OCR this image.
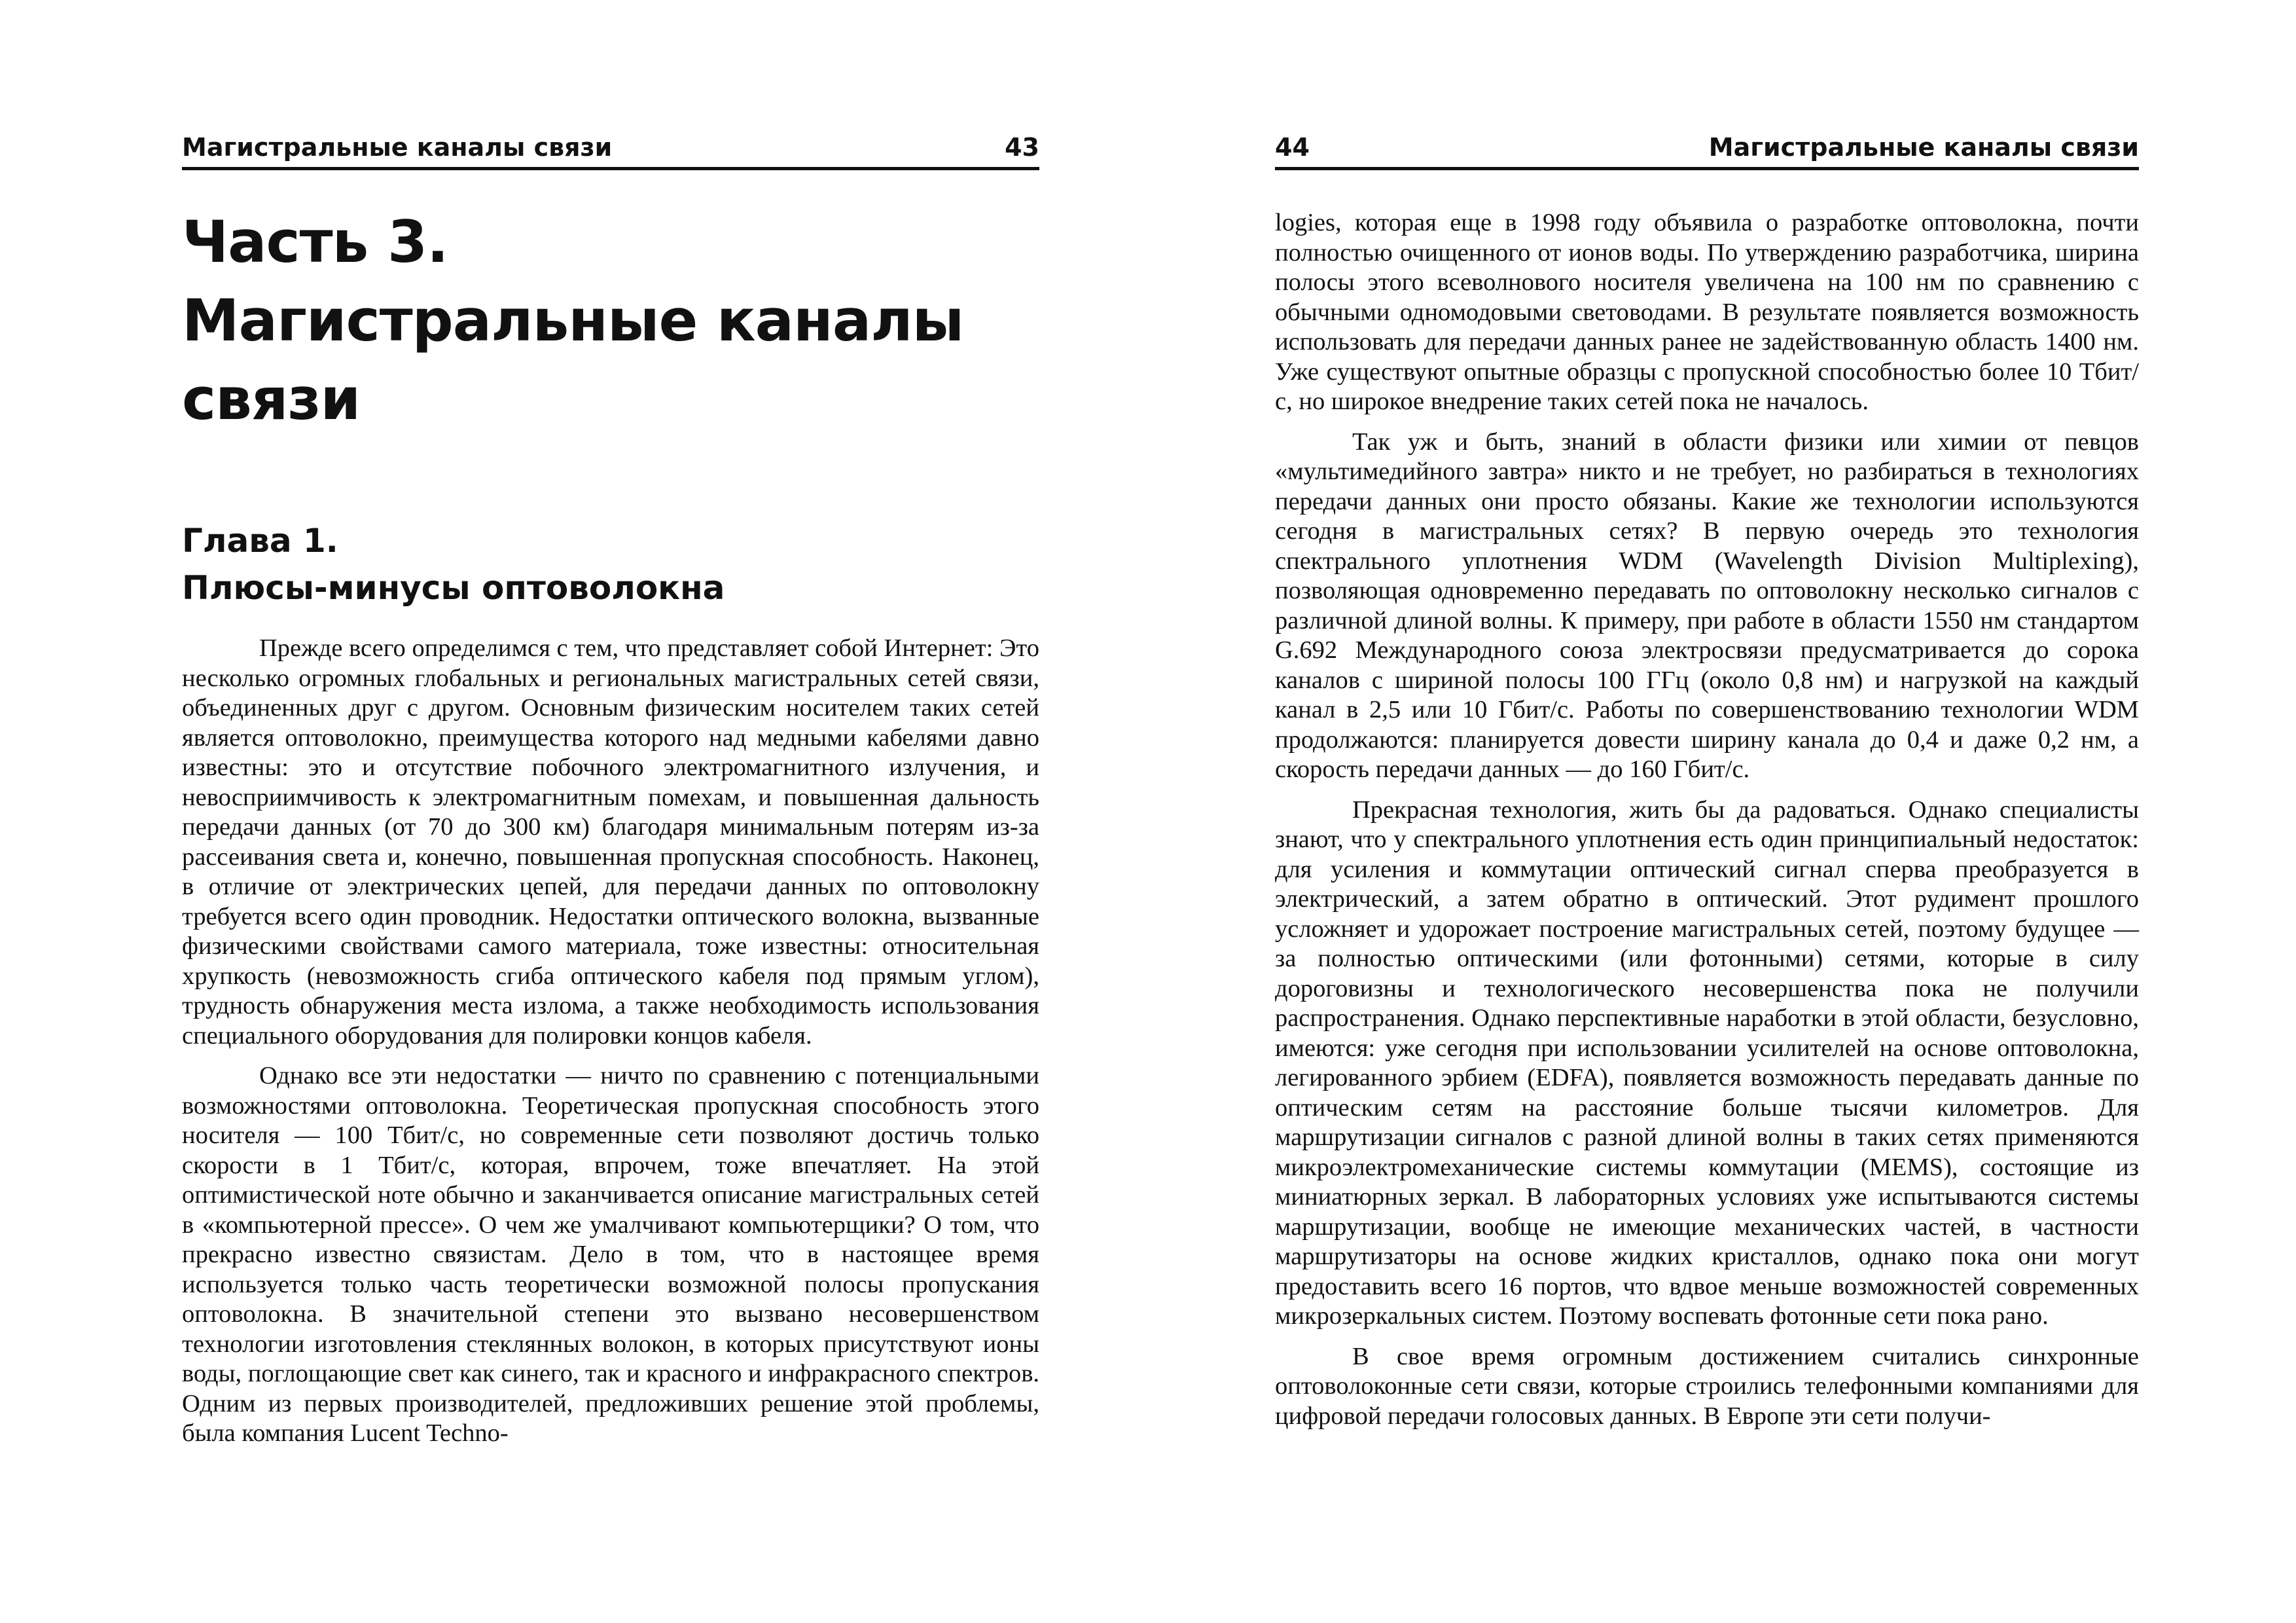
Магистральные каналы связи	43
Часть 3.
Магистральные каналы
связи
Глава 1.
Плюсы-минусы оптоволокна

Прежде всего определимся с тем, что представляет собой Интернет: Это несколько огромных глобальных и региональных магистральных сетей связи, объединенных друг с другом. Основным физическим носителем таких сетей является оптоволокно, преимущества которого над медными кабелями давно известны: это и отсутствие побочного электромагнитного излучения, и невосприимчивость к электромагнитным помехам, и повышенная дальность передачи данных (от 70 до 300 км) благодаря минимальным потерям из-за рассеивания света и, конечно, повышенная пропускная способность. Наконец, в отличие от электрических цепей, для передачи данных по оптоволокну требуется всего один проводник. Недостатки оптического волокна, вызванные физическими свойствами самого материала, тоже известны: относительная хрупкость (невозможность сгиба оптического кабеля под прямым углом), трудность обнаружения места излома, а также необходимость использования специального оборудования для полировки концов кабеля.

Однако все эти недостатки — ничто по сравнению с потенциальными возможностями оптоволокна. Теоретическая пропускная способность этого носителя — 100 Тбит/с, но современные сети позволяют достичь только скорости в 1 Тбит/с, которая, впрочем, тоже впечатляет. На этой оптимистической ноте обычно и заканчивается описание магистральных сетей в «компьютерной прессе». О чем же умалчивают компьютерщики? О том, что прекрасно известно связистам. Дело в том, что в настоящее время используется только часть теоретически возможной полосы пропускания оптоволокна. В значительной степени это вызвано несовершенством технологии изготовления стеклянных волокон, в которых присутствуют ионы воды, поглощающие свет как синего, так и красного и инфракрасного спектров. Одним из первых производителей, предложивших решение этой проблемы, была компания Lucent Techno-

44	Магистральные каналы связи

logies, которая еще в 1998 году объявила о разработке оптоволокна, почти полностью очищенного от ионов воды. По утверждению разработчика, ширина полосы этого всеволнового носителя увеличена на 100 нм по сравнению с обычными одномодовыми световодами. В результате появляется возможность использовать для передачи данных ранее не задействованную область 1400 нм. Уже существуют опытные образцы с пропускной способностью более 10 Тбит/с, но широкое внедрение таких сетей пока не началось.

Так уж и быть, знаний в области физики или химии от певцов «мультимедийного завтра» никто и не требует, но разбираться в технологиях передачи данных они просто обязаны. Какие же технологии используются сегодня в магистральных сетях? В первую очередь это технология спектрального уплотнения WDM (Wavelength Division Multiplexing), позволяющая одновременно передавать по оптоволокну несколько сигналов с различной длиной волны. К примеру, при работе в области 1550 нм стандартом G.692 Международного союза электросвязи предусматривается до сорока каналов с шириной полосы 100 ГГц (около 0,8 нм) и нагрузкой на каждый канал в 2,5 или 10 Гбит/с. Работы по совершенствованию технологии WDM продолжаются: планируется довести ширину канала до 0,4 и даже 0,2 нм, а скорость передачи данных — до 160 Гбит/с.

Прекрасная технология, жить бы да радоваться. Однако специалисты знают, что у спектрального уплотнения есть один принципиальный недостаток: для усиления и коммутации оптический сигнал сперва преобразуется в электрический, а затем обратно в оптический. Этот рудимент прошлого усложняет и удорожает построение магистральных сетей, поэтому будущее — за полностью оптическими (или фотонными) сетями, которые в силу дороговизны и технологического несовершенства пока не получили распространения. Однако перспективные наработки в этой области, безусловно, имеются: уже сегодня при использовании усилителей на основе оптоволокна, легированного эрбием (EDFA), появляется возможность передавать данные по оптическим сетям на расстояние больше тысячи километров. Для маршрутизации сигналов с разной длиной волны в таких сетях применяются микроэлектромеханические системы коммутации (MEMS), состоящие из миниатюрных зеркал. В лабораторных условиях уже испытываются системы маршрутизации, вообще не имеющие механических частей, в частности маршрутизаторы на основе жидких кристаллов, однако пока они могут предоставить всего 16 портов, что вдвое меньше возможностей современных микрозеркальных систем. Поэтому воспевать фотонные сети пока рано.

В свое время огромным достижением считались синхронные оптоволоконные сети связи, которые строились телефонными компаниями для цифровой передачи голосовых данных. В Европе эти сети получи-
